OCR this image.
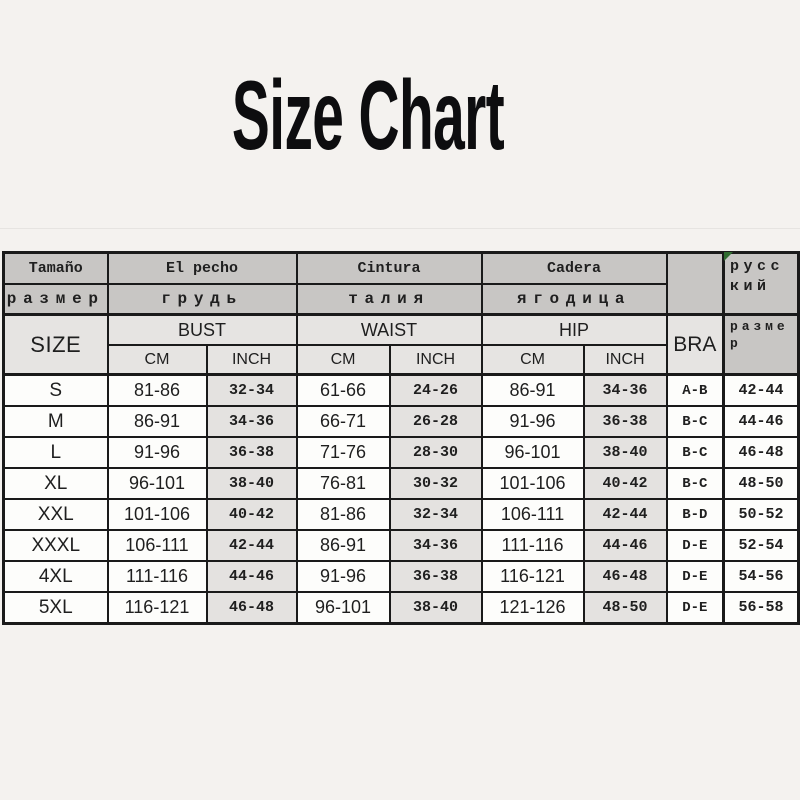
Size Chart
Tamaño	El pecho		Cintura		Cadera			русский
размер	грудь		талия		ягодица			
SIZE	BUST		WAIST		HIP		BRA	размер
	CM	INCH	CM	INCH	CM	INCH		
S	81-86	32-34	61-66	24-26	86-91	34-36	A-B	42-44
M	86-91	34-36	66-71	26-28	91-96	36-38	B-C	44-46
L	91-96	36-38	71-76	28-30	96-101	38-40	B-C	46-48
XL	96-101	38-40	76-81	30-32	101-106	40-42	B-C	48-50
XXL	101-106	40-42	81-86	32-34	106-111	42-44	B-D	50-52
XXXL	106-111	42-44	86-91	34-36	111-116	44-46	D-E	52-54
4XL	111-116	44-46	91-96	36-38	116-121	46-48	D-E	54-56
5XL	116-121	46-48	96-101	38-40	121-126	48-50	D-E	56-58
